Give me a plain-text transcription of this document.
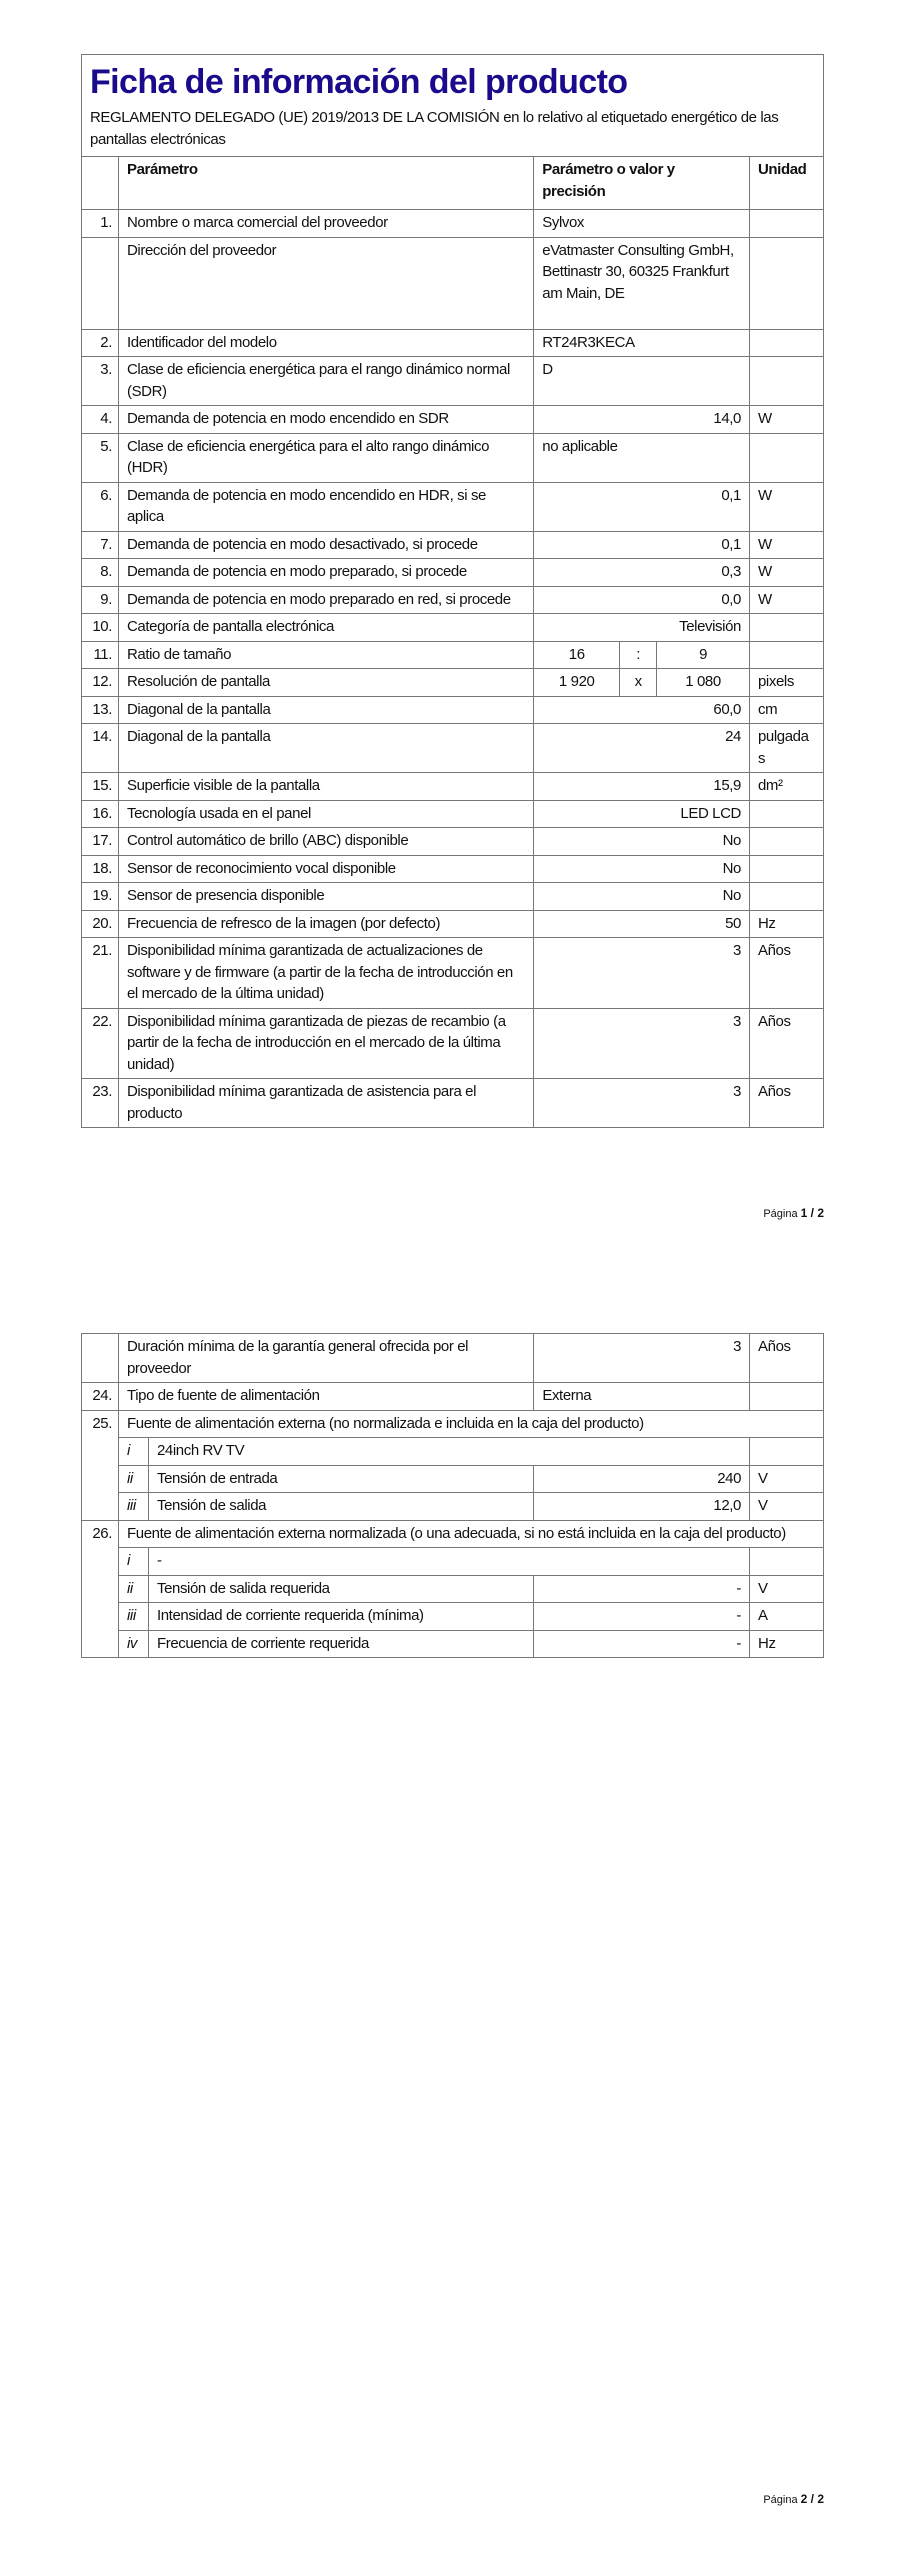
Ficha de información del producto
REGLAMENTO DELEGADO (UE) 2019/2013 DE LA COMISIÓN en lo relativo al etiquetado energético de las pantallas electrónicas					

	Parámetro	Parámetro o valor y precisión			Unidad
1.	Nombre o marca comercial del proveedor	Sylvox			
	Dirección del proveedor	eVatmaster Consulting GmbH, Bettinastr 30, 60325 Frankfurt am Main, DE			
2.	Identificador del modelo	RT24R3KECA			
3.	Clase de eficiencia energética para el rango dinámico normal (SDR)	D			
4.	Demanda de potencia en modo encendido en SDR	14,0			W
5.	Clase de eficiencia energética para el alto rango dinámico (HDR)	no aplicable			
6.	Demanda de potencia en modo encendido en HDR, si se aplica	0,1			W
7.	Demanda de potencia en modo desactivado, si procede	0,1			W
8.	Demanda de potencia en modo preparado, si procede	0,3			W
9.	Demanda de potencia en modo preparado en red, si procede	0,0			W
10.	Categoría de pantalla electrónica	Televisión			
11.	Ratio de tamaño	16	:	9	
12.	Resolución de pantalla	1 920	x	1 080	pixels
13.	Diagonal de la pantalla	60,0			cm
14.	Diagonal de la pantalla	24			pulgadas
15.	Superficie visible de la pantalla	15,9			dm²
16.	Tecnología usada en el panel	LED LCD			
17.	Control automático de brillo (ABC) disponible	No			
18.	Sensor de reconocimiento vocal disponible	No			
19.	Sensor de presencia disponible	No			
20.	Frecuencia de refresco de la imagen (por defecto)	50			Hz
21.	Disponibilidad mínima garantizada de actualizaciones de software y de firmware (a partir de la fecha de introducción en el mercado de la última unidad)	3			Años
22.	Disponibilidad mínima garantizada de piezas de recambio (a partir de la fecha de introducción en el mercado de la última unidad)	3			Años
23.	Disponibilidad mínima garantizada de asistencia para el producto	3			Años
Página 1 / 2
	Duración mínima de la garantía general ofrecida por el proveedor		3	Años
24.	Tipo de fuente de alimentación		Externa	
25.	Fuente de alimentación externa (no normalizada e incluida en la caja del producto)			
	i	24inch RV TV		
	ii	Tensión de entrada	240	V
	iii	Tensión de salida	12,0	V
26.	Fuente de alimentación externa normalizada (o una adecuada, si no está incluida en la caja del producto)			
	i	-		
	ii	Tensión de salida requerida	-	V
	iii	Intensidad de corriente requerida (mínima)	-	A
	iv	Frecuencia de corriente requerida	-	Hz
Página 2 / 2
